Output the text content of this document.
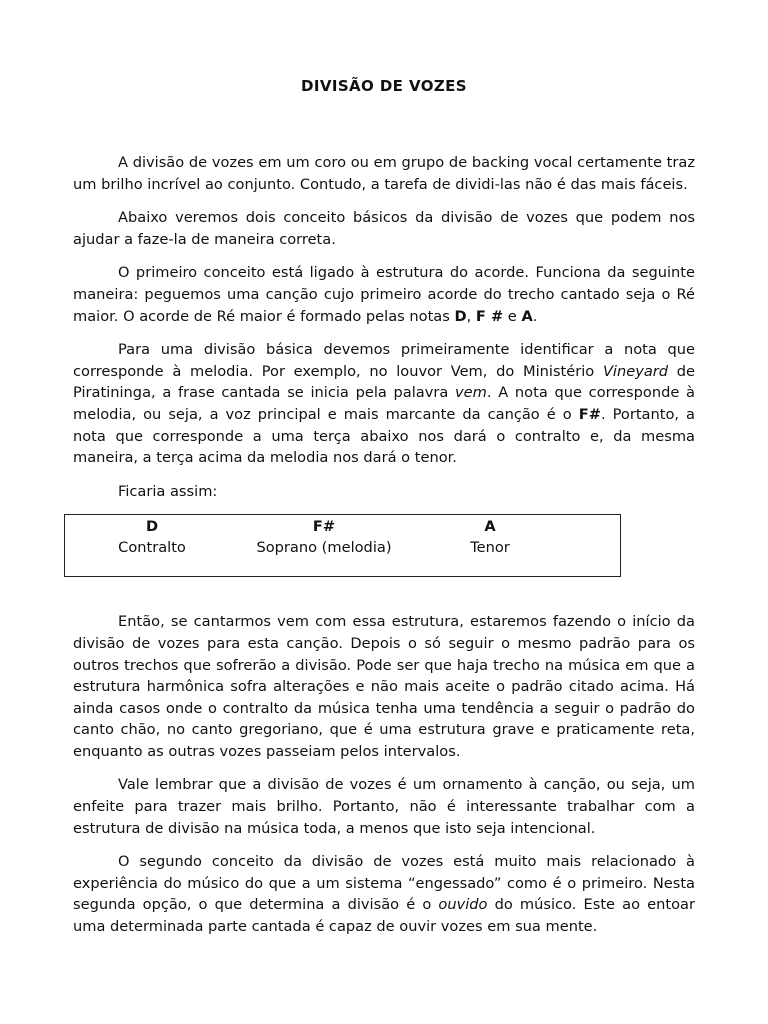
DIVISÃO DE VOZES

A divisão de vozes em um coro ou em grupo de backing vocal certamente traz um brilho incrível ao conjunto. Contudo, a tarefa de dividi-las não é das mais fáceis.

Abaixo veremos dois conceito básicos da divisão de vozes que podem nos ajudar a faze-la de maneira correta.

O primeiro conceito está ligado à estrutura do acorde. Funciona da seguinte maneira: peguemos uma canção cujo primeiro acorde do trecho cantado seja o Ré maior. O acorde de Ré maior é formado pelas notas D, F # e A.

Para uma divisão básica devemos primeiramente identificar a nota que corresponde à melodia. Por exemplo, no louvor Vem, do Ministério Vineyard de Piratininga, a frase cantada se inicia pela palavra vem. A nota que corresponde à melodia, ou seja, a voz principal e mais marcante da canção é o F#. Portanto, a nota que corresponde a uma terça abaixo nos dará o contralto e, da mesma maneira, a terça acima da melodia nos dará o tenor.

Ficaria assim:

D
Contralto
F#
Soprano (melodia)
A
Tenor

Então, se cantarmos vem com essa estrutura, estaremos fazendo o início da divisão de vozes para esta canção. Depois o só seguir o mesmo padrão para os outros trechos que sofrerão a divisão. Pode ser que haja trecho na música em que a estrutura harmônica sofra alterações e não mais aceite o padrão citado acima. Há ainda casos onde o contralto da música tenha uma tendência a seguir o padrão do canto chão, no canto gregoriano, que é uma estrutura grave e praticamente reta, enquanto as outras vozes passeiam pelos intervalos.

Vale lembrar que a divisão de vozes é um ornamento à canção, ou seja, um enfeite para trazer mais brilho. Portanto, não é interessante trabalhar com a estrutura de divisão na música toda, a menos que isto seja intencional.

O segundo conceito da divisão de vozes está muito mais relacionado à experiência do músico do que a um sistema “engessado” como é o primeiro. Nesta segunda opção, o que determina a divisão é o ouvido do músico. Este ao entoar uma determinada parte cantada é capaz de ouvir vozes em sua mente.
